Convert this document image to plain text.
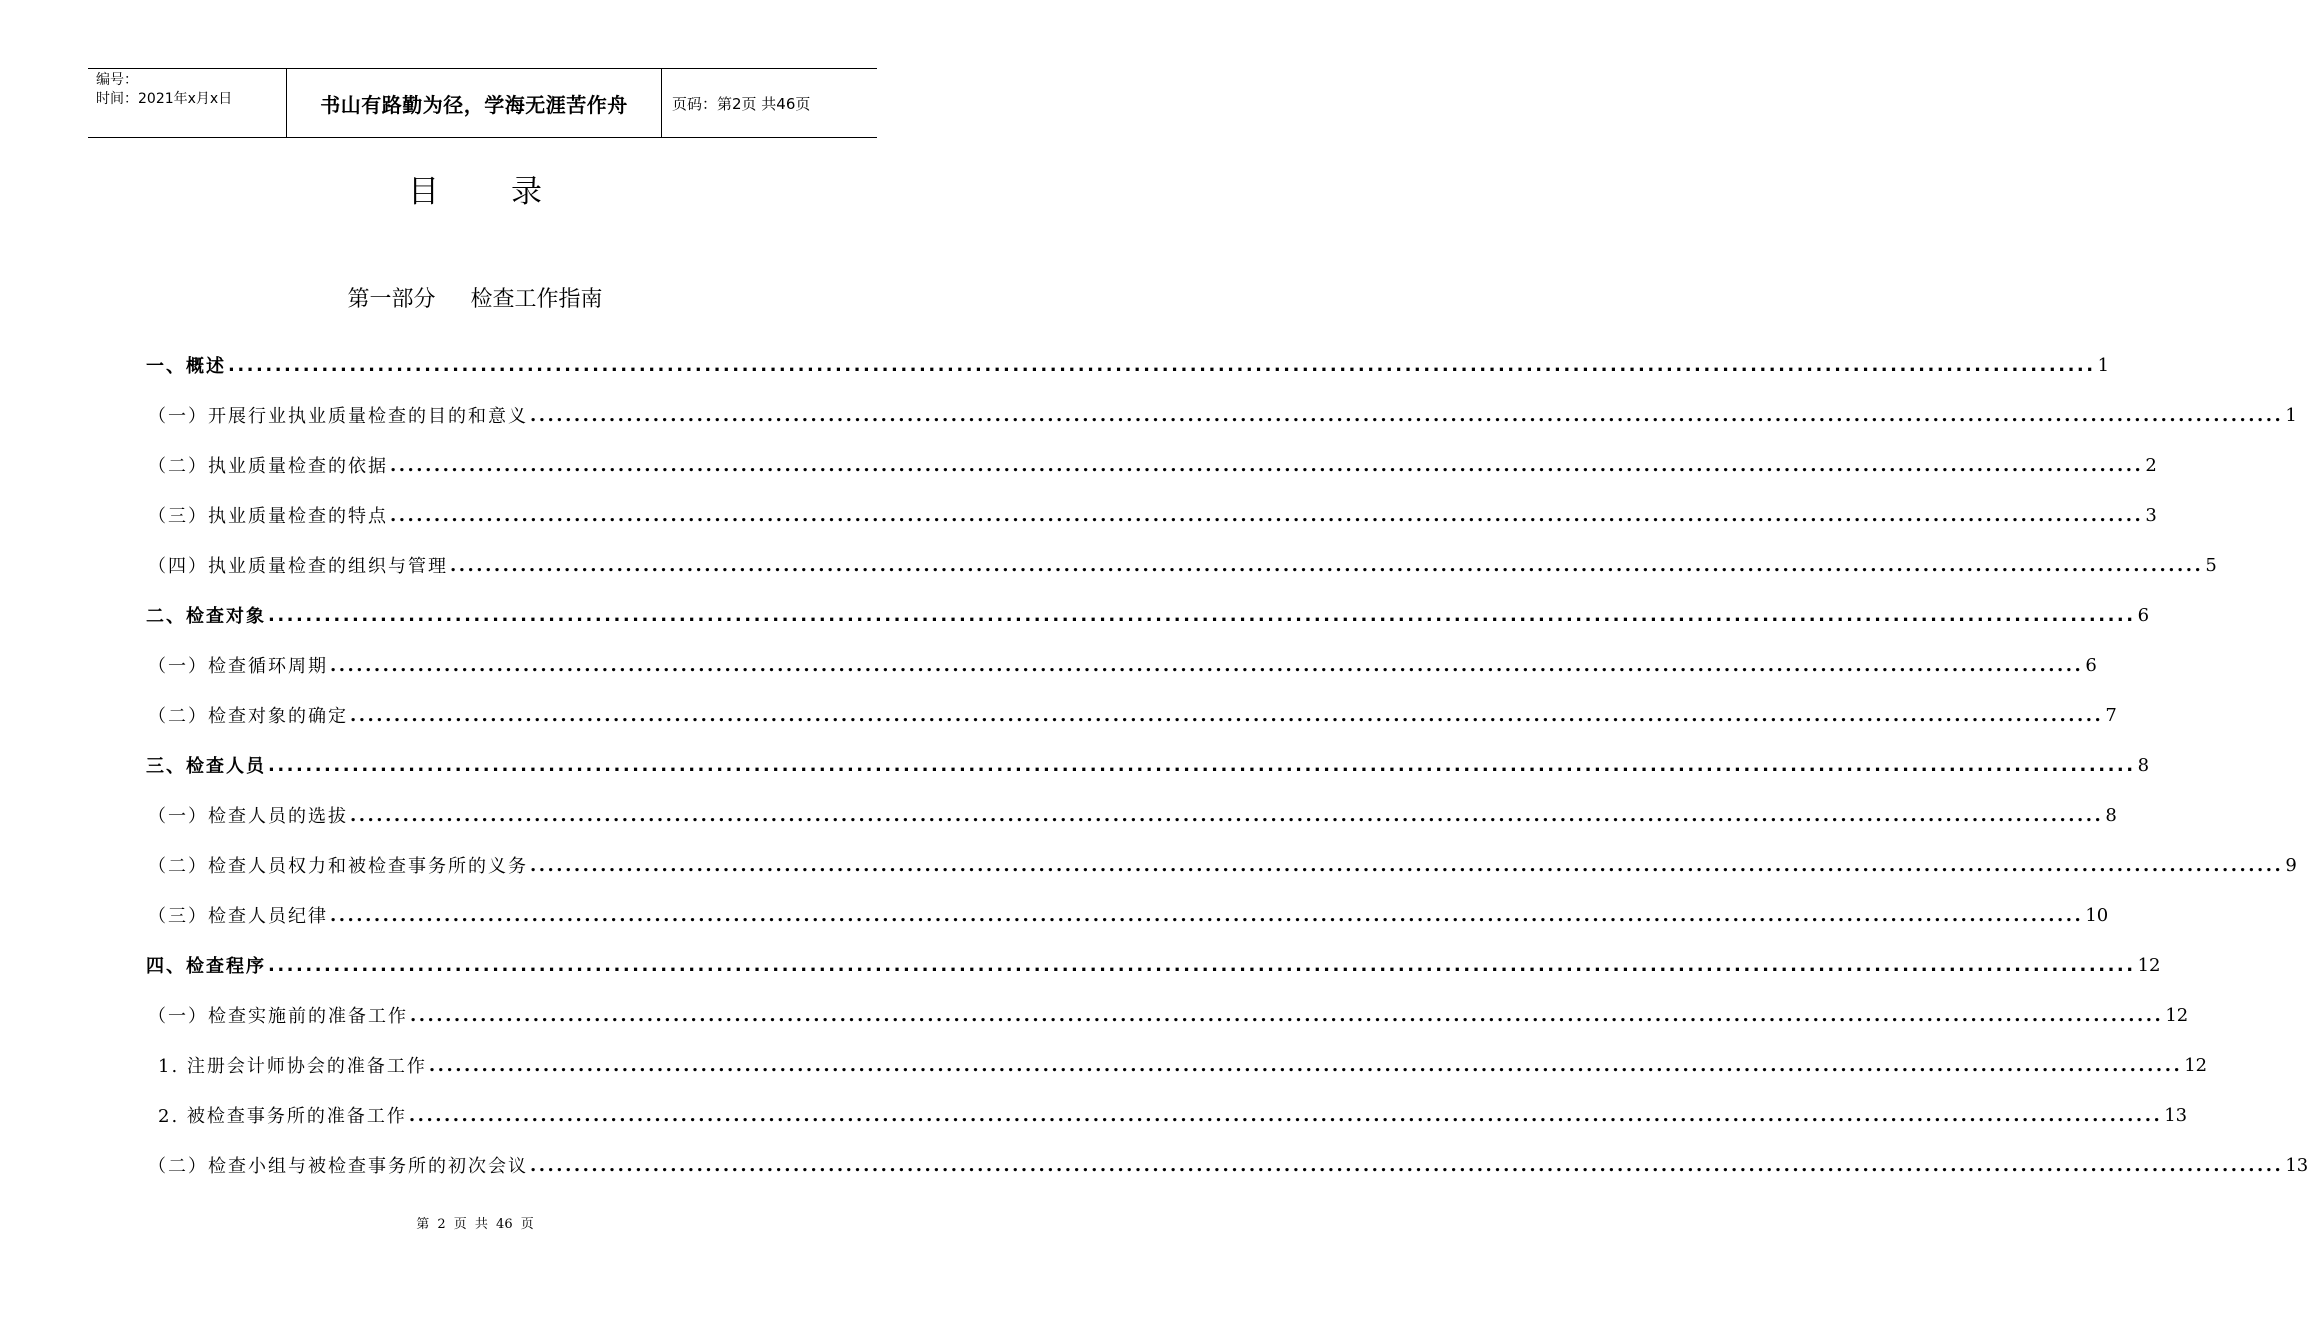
编号：
时间：2021年x月x日	书山有路勤为径，学海无涯苦作舟	页码：第2页 共46页
目录
第一部分     检查工作指南
一、概述 ........................................................................................................................................................................................................ 1
（一）开展行业执业质量检查的目的和意义 ........................................................................................................................................................................................................ 1
（二）执业质量检查的依据 ........................................................................................................................................................................................................ 2
（三）执业质量检查的特点 ........................................................................................................................................................................................................ 3
（四）执业质量检查的组织与管理 ........................................................................................................................................................................................................ 5
二、检查对象 ........................................................................................................................................................................................................ 6
（一）检查循环周期 ........................................................................................................................................................................................................ 6
（二）检查对象的确定 ........................................................................................................................................................................................................ 7
三、检查人员 ........................................................................................................................................................................................................ 8
（一）检查人员的选拔 ........................................................................................................................................................................................................ 8
（二）检查人员权力和被检查事务所的义务 ........................................................................................................................................................................................................ 9
（三）检查人员纪律 ........................................................................................................................................................................................................ 10
四、检查程序 ........................................................................................................................................................................................................ 12
（一）检查实施前的准备工作 ........................................................................................................................................................................................................ 12
1. 注册会计师协会的准备工作 ........................................................................................................................................................................................................ 12
2. 被检查事务所的准备工作 ........................................................................................................................................................................................................ 13
（二）检查小组与被检查事务所的初次会议 ........................................................................................................................................................................................................ 13
第 2 页 共 46 页
